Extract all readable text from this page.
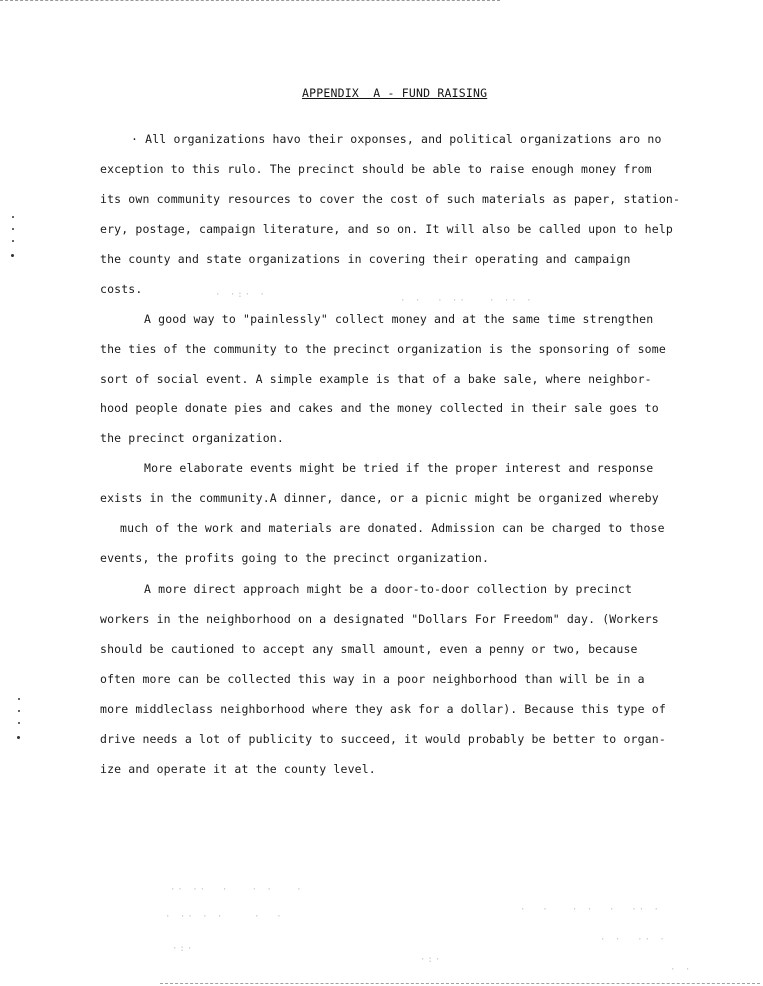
APPENDIX  A - FUND RAISING
· All organizations havo their oxponses, and political organizations aro no
exception to this rulo. The precinct should be able to raise enough money from
its own community resources to cover the cost of such materials as paper, station-
ery, postage, campaign literature, and so on. It will also be called upon to help
the county and state organizations in covering their operating and campaign
costs.
A good way to "painlessly" collect money and at the same time strengthen
the ties of the community to the precinct organization is the sponsoring of some
sort of social event. A simple example is that of a bake sale, where neighbor-
hood people donate pies and cakes and the money collected in their sale goes to
the precinct organization.
More elaborate events might be tried if the proper interest and response
exists in the community.A dinner, dance, or a picnic might be organized whereby
much of the work and materials are donated. Admission can be charged to those
events, the profits going to the precinct organization.
A more direct approach might be a door-to-door collection by precinct
workers in the neighborhood on a designated "Dollars For Freedom" day. (Workers
should be cautioned to accept any small amount, even a penny or two, because
often more can be collected this way in a poor neighborhood than will be in a
more middleclass neighborhood where they ask for a dollar). Because this type of
drive needs a lot of publicity to succeed, it would probably be better to organ-
ize and operate it at the county level.
· ·:· ·
· ·  · ··   · ·· ·
·· ··  ·   · ·   ·
· ·· · ·    ·  ·
·  ·   · ·  ·  ·· ·
· ·  ·· ·
·:·
·:·
· ·
